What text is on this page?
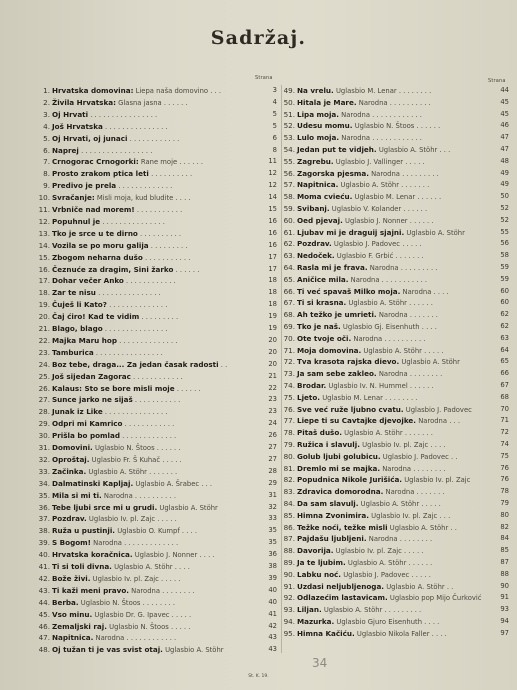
Sadržaj.
Strana	Strana
1. Hrvatska domovina: Liepa naša domovino . . .	3
2. Živila Hrvatska: Glasna jasna . . . . . .	4
3. Oj Hrvati . . . . . . . . . . . . . . . .	5
4. Još Hrvatska . . . . . . . . . . . . . . .	5
5. Oj Hrvati, oj junaci . . . . . . . . . . . .	6
6. Naprej . . . . . . . . . . . . . . . . .	8
7. Crnogorac Crnogorki: Rane moje . . . . . .	11
8. Prosto zrakom ptica leti . . . . . . . . . .	12
9. Predivo je prela . . . . . . . . . . . . .	12
10. Svračanje: Misli moja, kud bludite . . . .	14
11. Vrbniče nad morem! . . . . . . . . . . .	15
12. Popuhnul je . . . . . . . . . . . . . . .	16
13. Tko je srce u te dirno . . . . . . . . . .	16
14. Vozila se po moru galija . . . . . . . . .	16
15. Zbogom neharna dušo . . . . . . . . . . .	17
16. Čeznuće za dragim, Sini žarko . . . . . .	17
17. Dohar večer Anko . . . . . . . . . . . .	18
18. Zar te nisu . . . . . . . . . . . . . . .	18
19. Čuješ li Kato? . . . . . . . . . . . . . .	18
20. Čaj ćiro! Kad te vidim . . . . . . . . .	19
21. Blago, blago . . . . . . . . . . . . . . .	19
22. Majka Maru hop . . . . . . . . . . . . . .	20
23. Tamburica . . . . . . . . . . . . . . . .	20
24. Boz tebe, draga... Za jedan časak radosti . .	20
25. Još sijedan Zagorac . . . . . . . . . . . .	21
26. Kalaus: Sto se bore misli moje . . . . . .	22
27. Sunce jarko ne sijaš . . . . . . . . . . .	23
28. Junak iz Like . . . . . . . . . . . . . . .	23
29. Odpri mi Kamrico . . . . . . . . . . . .	24
30. Prišla bo pomlad . . . . . . . . . . . . .	26
31. Domovini. Uglasbio N. Štoos . . . . . .	27
32. Oproštaj. Uglasbio Fr. Š Kuhač . . . . .	27
33. Začinka. Uglasbio A. Stöhr . . . . . . .	28
34. Dalmatinski Kapljaj. Uglasbio A. Šrabec . . .	29
35. Mila si mi ti. Narodna . . . . . . . . . .	31
36. Tebe ljubi srce mi u grudi. Uglasbio A. Stöhr	32
37. Pozdrav. Uglasbio Iv. pl. Zajc . . . . .	33
38. Ruža u pustinji. Uglasbio O. Kumpf . . . .	35
39. S Bogom! Narodna . . . . . . . . . . . . .	35
40. Hrvatska koračnica. Uglasbio J. Nonner . . . .	36
41. Ti si toli divna. Uglasbio A. Stöhr . . . .	38
42. Bože živi. Uglasbio Iv. pl. Zajc . . . . .	39
43. Ti kaži meni pravo. Narodna . . . . . . . .	40
44. Berba. Uglasbio N. Štoos . . . . . . . .	40
45. Vso minu. Uglasbio Dr. G. Ipavec . . . . .	41
46. Zemaljski raj. Uglasbio N. Štoos . . . . .	42
47. Napitnica. Narodna . . . . . . . . . . . .	43
48. Oj tužan ti je vas svist otaj. Uglasbio A. Stöhr	43
49. Na vrelu. Uglasbio M. Lenar . . . . . . . .	44
50. Hitala je Mare. Narodna . . . . . . . . . .	45
51. Lipa moja. Narodna . . . . . . . . . . . .	45
52. Udesu momu. Uglasbio N. Štoos . . . . . .	46
53. Lulo moja. Narodna . . . . . . . . . . . .	47
54. Jedan put te vidjeh. Uglasbio A. Stöhr . . .	47
55. Zagrebu. Uglasbio J. Vallinger . . . . .	48
56. Zagorska pjesma. Narodna . . . . . . . . .	49
57. Napitnica. Uglasbio A. Stöhr . . . . . . .	49
58. Moma cvieću. Uglasbio M. Lenar . . . . . .	50
59. Svibanj. Uglasbio V. Kolander . . . . . .	52
60. Oed pjevaj. Uglasbio J. Nonner . . . . . .	52
61. Ljubav mi je draguij sjajni. Uglasbio A. Stöhr	55
62. Pozdrav. Uglasbio J. Padovec . . . . .	56
63. Nedoček. Uglasbio F. Grbić . . . . . . .	58
64. Rasla mi je frava. Narodna . . . . . . . . .	59
65. Aničice mila. Narodna . . . . . . . . . . .	59
66. Ti već spavaš Milko moja. Narodna . . . .	60
67. Ti si krasna. Uglasbio A. Stöhr . . . . . .	60
68. Ah težko je umrieti. Narodna . . . . . . .	62
69. Tko je naš. Uglasbio Gj. Eisenhuth . . . .	62
70. Ote tvoje oči. Narodna . . . . . . . . . .	63
71. Moja domovina. Uglasbio A. Stöhr . . . . .	64
72. Tva krasota rajska dievo. Uglasbio A. Stöhr	65
73. Ja sam sebe zakleo. Narodna . . . . . . . .	66
74. Brodar. Uglasbio Iv. N. Hummel . . . . . .	67
75. Ljeto. Uglasbio M. Lenar . . . . . . . .	68
76. Sve već ruže ljubno cvatu. Uglasbio J. Padovec	70
77. Liepe ti su Cavtajke djevojke. Narodna . . .	71
78. Pitaš dušo. Uglasbio A. Stöhr . . . . . . .	72
79. Ružica i slavulj. Uglasbio Iv. pl. Zajc . . . .	74
80. Golub ljubi golubicu. Uglasbio J. Padovec . .	75
81. Dremlo mi se majka. Narodna . . . . . . . .	76
82. Popudnica Nikole Jurišića. Uglasbio Iv. pl. Zajc	76
83. Zdravica domorodna. Narodna . . . . . . .	78
84. Da sam slavulj. Uglasbio A. Stöhr . . . . .	79
85. Himna Zvonimira. Uglasbio Iv. pl. Zajc . . .	80
86. Težke noći, težke misli Uglasbio A. Stöhr . .	82
87. Pajdašu ljubljeni. Narodna . . . . . . . .	84
88. Davorija. Uglasbio Iv. pl. Zajc . . . . .	85
89. Ja te ljubim. Uglasbio A. Stöhr . . . . . .	87
90. Labku noć. Uglasbio J. Padovec . . . . .	88
91. Uzdasi neljubljenoga. Uglasbio A. Stöhr . .	90
92. Odlazećim lastavicam. Uglasbio pop Mijo Čurković	91
93. Liljan. Uglasbio A. Stöhr . . . . . . . . .	93
94. Mazurka. Uglasbio Gjuro Eisenhuth . . . .	94
95. Himna Kačiću. Uglasbio Nikola Faller . . . .	97
34
St. K. 19.
